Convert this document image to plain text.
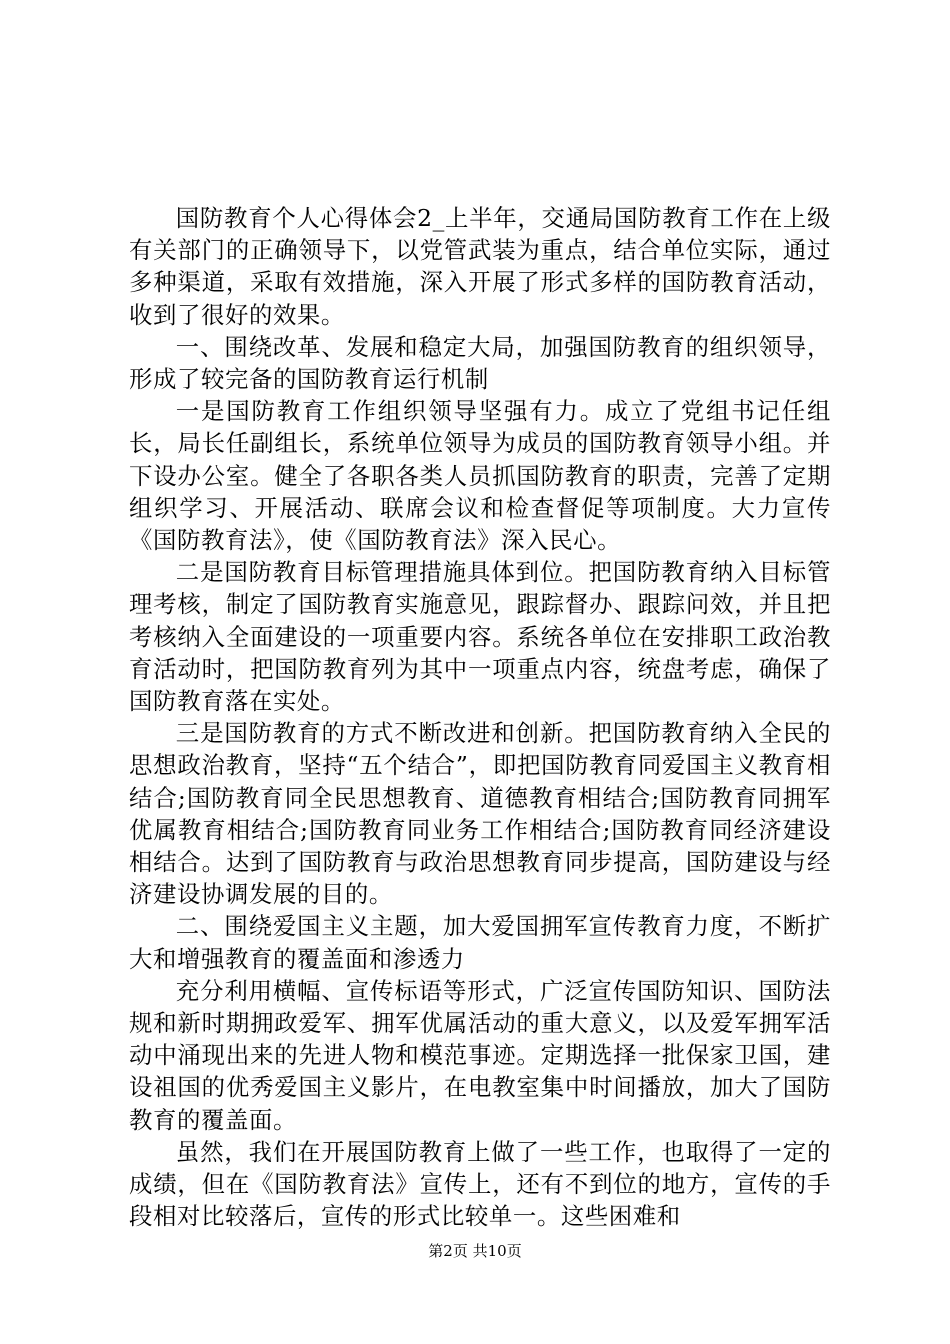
国防教育个人心得体会2_上半年，交通局国防教育工作在上级有关部门的正确领导下，以党管武装为重点，结合单位实际，通过多种渠道，采取有效措施，深入开展了形式多样的国防教育活动，收到了很好的效果。

一、围绕改革、发展和稳定大局，加强国防教育的组织领导，形成了较完备的国防教育运行机制

一是国防教育工作组织领导坚强有力。成立了党组书记任组长，局长任副组长，系统单位领导为成员的国防教育领导小组。并下设办公室。健全了各职各类人员抓国防教育的职责，完善了定期组织学习、开展活动、联席会议和检查督促等项制度。大力宣传《国防教育法》，使《国防教育法》深入民心。

二是国防教育目标管理措施具体到位。把国防教育纳入目标管理考核，制定了国防教育实施意见，跟踪督办、跟踪问效，并且把考核纳入全面建设的一项重要内容。系统各单位在安排职工政治教育活动时，把国防教育列为其中一项重点内容，统盘考虑，确保了国防教育落在实处。

三是国防教育的方式不断改进和创新。把国防教育纳入全民的思想政治教育，坚持“五个结合”，即把国防教育同爱国主义教育相结合;国防教育同全民思想教育、道德教育相结合;国防教育同拥军优属教育相结合;国防教育同业务工作相结合;国防教育同经济建设相结合。达到了国防教育与政治思想教育同步提高，国防建设与经济建设协调发展的目的。

二、围绕爱国主义主题，加大爱国拥军宣传教育力度，不断扩大和增强教育的覆盖面和渗透力

充分利用横幅、宣传标语等形式，广泛宣传国防知识、国防法规和新时期拥政爱军、拥军优属活动的重大意义，以及爱军拥军活动中涌现出来的先进人物和模范事迹。定期选择一批保家卫国，建设祖国的优秀爱国主义影片，在电教室集中时间播放，加大了国防教育的覆盖面。

虽然，我们在开展国防教育上做了一些工作，也取得了一定的成绩，但在《国防教育法》宣传上，还有不到位的地方，宣传的手段相对比较落后，宣传的形式比较单一。这些困难和

第2页 共10页
